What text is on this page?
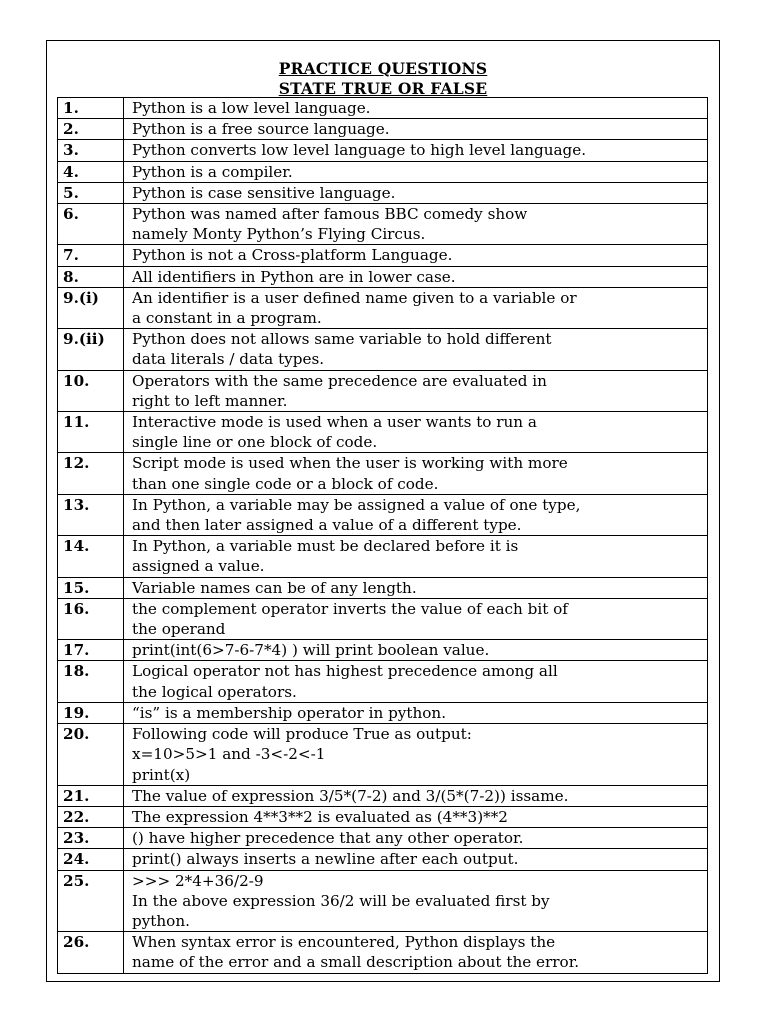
PRACTICE QUESTIONS
STATE TRUE OR FALSE
1.	Python is a low level language.

2.	Python is a free source language.

3.	Python converts low level language to high level language.

4.	Python is a compiler.

5.	Python is case sensitive language.

6.	Python was named after famous BBC comedy show
namely Monty Python’s Flying Circus.

7.	Python is not a Cross-platform Language.

8.	All identifiers in Python are in lower case.

9.(i)	An identifier is a user defined name given to a variable or
a constant in a program.

9.(ii)	Python does not allows same variable to hold different
data literals / data types.

10.	Operators with the same precedence are evaluated in
right to left manner.

11.	Interactive mode is used when a user wants to run a
single line or one block of code.

12.	Script mode is used when the user is working with more
than one single code or a block of code.

13.	In Python, a variable may be assigned a value of one type,
and then later assigned a value of a different type.

14.	In Python, a variable must be declared before it is
assigned a value.

15.	Variable names can be of any length.

16.	the complement operator inverts the value of each bit of
the operand

17.	print(int(6>7-6-7*4) ) will print boolean value.

18.	Logical operator not has highest precedence among all
the logical operators.

19.	“is” is a membership operator in python.

20.	Following code will produce True as output:
x=10>5>1 and -3<-2<-1
print(x)

21.	The value of expression 3/5*(7-2) and 3/(5*(7-2)) issame.

22.	The expression 4**3**2 is evaluated as (4**3)**2

23.	() have higher precedence that any other operator.

24.	print() always inserts a newline after each output.

25.	>>> 2*4+36/2-9
In the above expression 36/2 will be evaluated first by
python.

26.	When syntax error is encountered, Python displays the
name of the error and a small description about the error.
